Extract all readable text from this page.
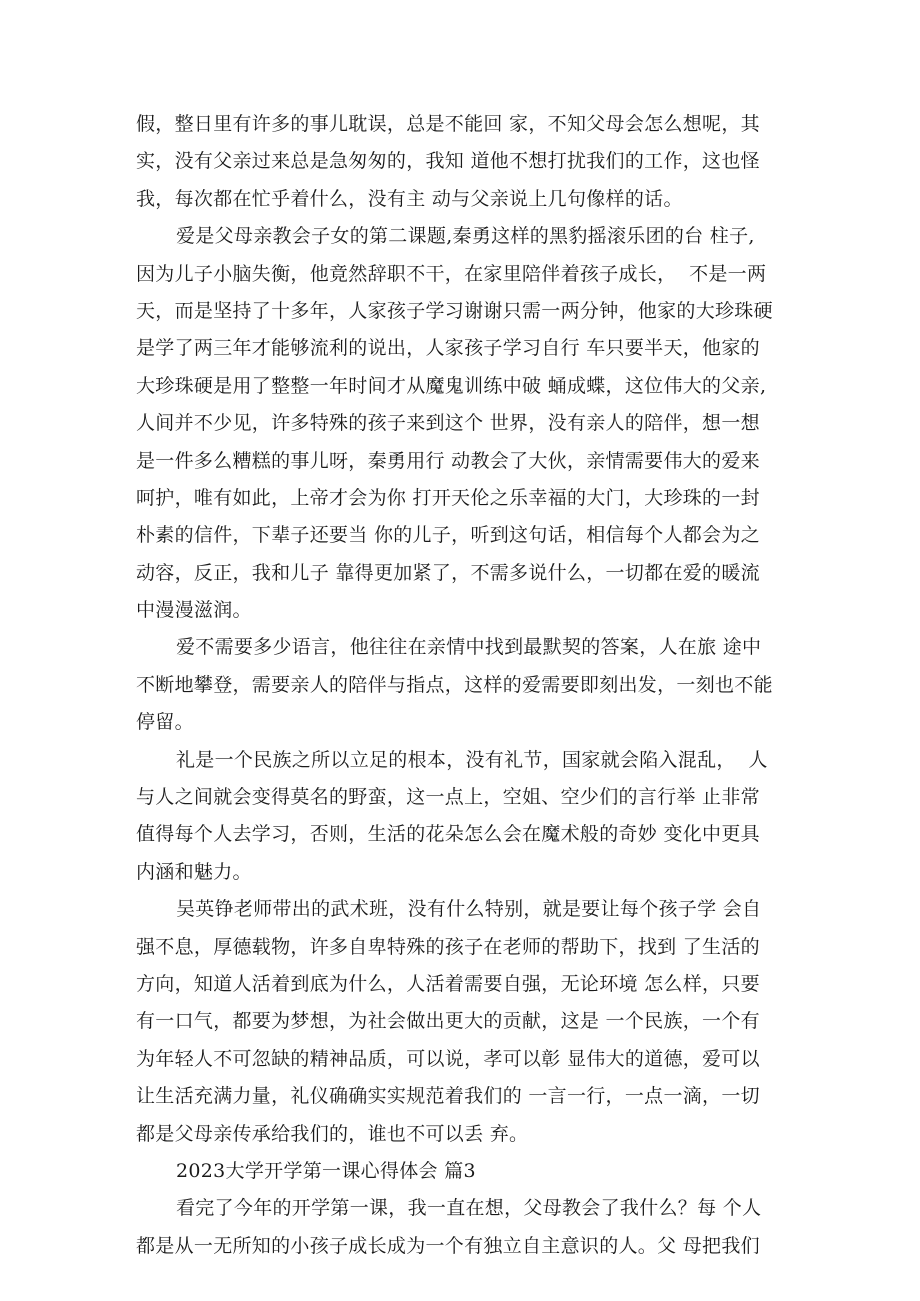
假，整日里有许多的事儿耽误，总是不能回 家，不知父母会怎么想呢，其
实，没有父亲过来总是急匆匆的，我知 道他不想打扰我们的工作，这也怪
我，每次都在忙乎着什么，没有主 动与父亲说上几句像样的话。
爱是父母亲教会子女的第二课题,秦勇这样的黑豹摇滚乐团的台 柱子,
因为儿子小脑失衡，他竟然辞职不干，在家里陪伴着孩子成长，  不是一两
天，而是坚持了十多年，人家孩子学习谢谢只需一两分钟，他家的大珍珠硬
是学了两三年才能够流利的说出，人家孩子学习自行 车只要半天，他家的
大珍珠硬是用了整整一年时间才从魔鬼训练中破 蛹成蝶，这位伟大的父亲,
人间并不少见，许多特殊的孩子来到这个 世界，没有亲人的陪伴，想一想
是一件多么糟糕的事儿呀，秦勇用行 动教会了大伙，亲情需要伟大的爱来
呵护，唯有如此，上帝才会为你 打开天伦之乐幸福的大门，大珍珠的一封
朴素的信件，下辈子还要当 你的儿子，听到这句话，相信每个人都会为之
动容，反正，我和儿子 靠得更加紧了，不需多说什么，一切都在爱的暖流
中漫漫滋润。
爱不需要多少语言，他往往在亲情中找到最默契的答案，人在旅 途中
不断地攀登，需要亲人的陪伴与指点，这样的爱需要即刻出发，一刻也不能
停留。
礼是一个民族之所以立足的根本，没有礼节，国家就会陷入混乱，  人
与人之间就会变得莫名的野蛮，这一点上，空姐、空少们的言行举 止非常
值得每个人去学习，否则，生活的花朵怎么会在魔术般的奇妙 变化中更具
内涵和魅力。
吴英铮老师带出的武术班，没有什么特别，就是要让每个孩子学 会自
强不息，厚德载物，许多自卑特殊的孩子在老师的帮助下，找到 了生活的
方向，知道人活着到底为什么，人活着需要自强，无论环境 怎么样，只要
有一口气，都要为梦想，为社会做出更大的贡献，这是 一个民族，一个有
为年轻人不可忽缺的精神品质，可以说，孝可以彰 显伟大的道德，爱可以
让生活充满力量，礼仪确确实实规范着我们的 一言一行，一点一滴，一切
都是父母亲传承给我们的，谁也不可以丢 弃。
2023大学开学第一课心得体会 篇3
看完了今年的开学第一课，我一直在想，父母教会了我什么？每 个人
都是从一无所知的小孩子成长成为一个有独立自主意识的人。父 母把我们
